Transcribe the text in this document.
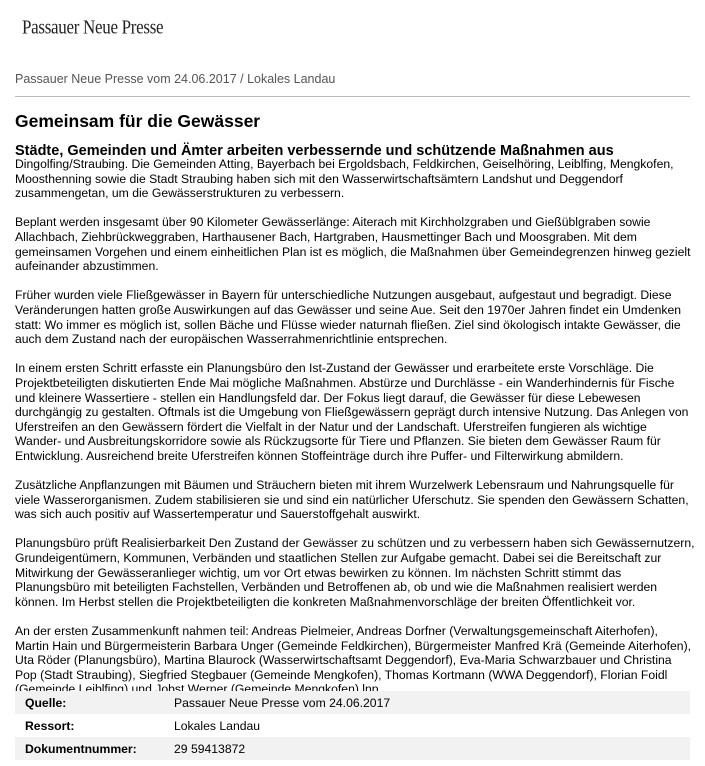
Passauer Neue Presse
Passauer Neue Presse vom 24.06.2017 / Lokales Landau
Gemeinsam für die Gewässer
Städte, Gemeinden und Ämter arbeiten verbessernde und schützende Maßnahmen aus

Dingolfing/Straubing. Die Gemeinden Atting, Bayerbach bei Ergoldsbach, Feldkirchen, Geiselhöring, Leiblfing, Mengkofen, Moosthenning sowie die Stadt Straubing haben sich mit den Wasserwirtschaftsämtern Landshut und Deggendorf zusammengetan, um die Gewässerstrukturen zu verbessern.

Beplant werden insgesamt über 90 Kilometer Gewässerlänge: Aiterach mit Kirchholzgraben und Gießüblgraben sowie Allachbach, Ziehbrückweggraben, Harthausener Bach, Hartgraben, Hausmettinger Bach und Moosgraben. Mit dem gemeinsamen Vorgehen und einem einheitlichen Plan ist es möglich, die Maßnahmen über Gemeindegrenzen hinweg gezielt aufeinander abzustimmen.

Früher wurden viele Fließgewässer in Bayern für unterschiedliche Nutzungen ausgebaut, aufgestaut und begradigt. Diese Veränderungen hatten große Auswirkungen auf das Gewässer und seine Aue. Seit den 1970er Jahren findet ein Umdenken statt: Wo immer es möglich ist, sollen Bäche und Flüsse wieder naturnah fließen. Ziel sind ökologisch intakte Gewässer, die auch dem Zustand nach der europäischen Wasserrahmenrichtlinie entsprechen.

In einem ersten Schritt erfasste ein Planungsbüro den Ist-Zustand der Gewässer und erarbeitete erste Vorschläge. Die Projektbeteiligten diskutierten Ende Mai mögliche Maßnahmen. Abstürze und Durchlässe - ein Wanderhindernis für Fische und kleinere Wassertiere - stellen ein Handlungsfeld dar. Der Fokus liegt darauf, die Gewässer für diese Lebewesen durchgängig zu gestalten. Oftmals ist die Umgebung von Fließgewässern geprägt durch intensive Nutzung. Das Anlegen von Uferstreifen an den Gewässern fördert die Vielfalt in der Natur und der Landschaft. Uferstreifen fungieren als wichtige Wander- und Ausbreitungskorridore sowie als Rückzugsorte für Tiere und Pflanzen. Sie bieten dem Gewässer Raum für Entwicklung. Ausreichend breite Uferstreifen können Stoffeinträge durch ihre Puffer- und Filterwirkung abmildern.

Zusätzliche Anpflanzungen mit Bäumen und Sträuchern bieten mit ihrem Wurzelwerk Lebensraum und Nahrungsquelle für viele Wasserorganismen. Zudem stabilisieren sie und sind ein natürlicher Uferschutz. Sie spenden den Gewässern Schatten, was sich auch positiv auf Wassertemperatur und Sauerstoffgehalt auswirkt.

Planungsbüro prüft Realisierbarkeit Den Zustand der Gewässer zu schützen und zu verbessern haben sich Gewässernutzern, Grundeigentümern, Kommunen, Verbänden und staatlichen Stellen zur Aufgabe gemacht. Dabei sei die Bereitschaft zur Mitwirkung der Gewässeranlieger wichtig, um vor Ort etwas bewirken zu können. Im nächsten Schritt stimmt das Planungsbüro mit beteiligten Fachstellen, Verbänden und Betroffenen ab, ob und wie die Maßnahmen realisiert werden können. Im Herbst stellen die Projektbeteiligten die konkreten Maßnahmenvorschläge der breiten Öffentlichkeit vor.

An der ersten Zusammenkunft nahmen teil: Andreas Pielmeier, Andreas Dorfner (Verwaltungsgemeinschaft Aiterhofen), Martin Hain und Bürgermeisterin Barbara Unger (Gemeinde Feldkirchen), Bürgermeister Manfred Krä (Gemeinde Aiterhofen), Uta Röder (Planungsbüro), Martina Blaurock (Wasserwirtschaftsamt Deggendorf), Eva-Maria Schwarzbauer und Christina Pop (Stadt Straubing), Siegfried Stegbauer (Gemeinde Mengkofen), Thomas Kortmann (WWA Deggendorf), Florian Foidl (Gemeinde Leiblfing) und Jobst Werner (Gemeinde Mengkofen).lnp

Quelle:	Passauer Neue Presse vom 24.06.2017
Ressort:	Lokales Landau
Dokumentnummer:	29 59413872
